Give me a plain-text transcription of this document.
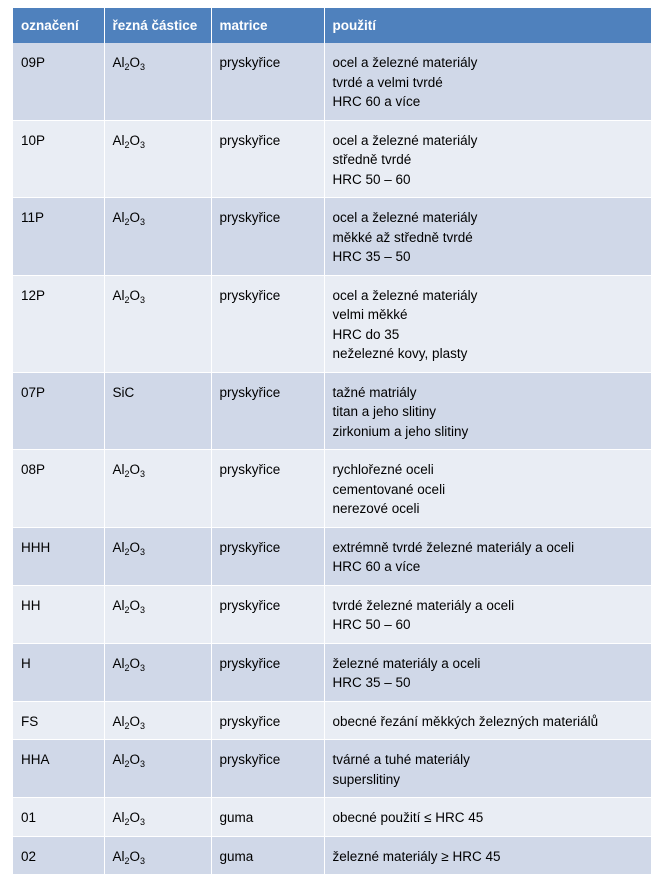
označení	řezná částice	matrice	použití
09P	$Al_2O_3$	pryskyřice	ocel a železné materiály
tvrdé a velmi tvrdé
HRC 60 a více

10P	$Al_2O_3$	pryskyřice	ocel a železné materiály
středně tvrdé
HRC 50 – 60

11P	$Al_2O_3$	pryskyřice	ocel a železné materiály
měkké až středně tvrdé
HRC 35 – 50

12P	$Al_2O_3$	pryskyřice	ocel a železné materiály
velmi měkké
HRC do 35
neželezné kovy, plasty

07P	SiC	pryskyřice	tažné matriály
titan a jeho slitiny
zirkonium a jeho slitiny

08P	$Al_2O_3$	pryskyřice	rychlořezné oceli
cementované oceli
nerezové oceli

HHH	$Al_2O_3$	pryskyřice	extrémně tvrdé železné materiály a oceli
HRC 60 a více

HH	$Al_2O_3$	pryskyřice	tvrdé železné materiály a oceli
HRC 50 – 60

H	$Al_2O_3$	pryskyřice	železné materiály a oceli
HRC 35 – 50

FS	$Al_2O_3$	pryskyřice	obecné řezání měkkých železných materiálů

HHA	$Al_2O_3$	pryskyřice	tvárné a tuhé materiály
superslitiny

01	$Al_2O_3$	guma	obecné použití ≤ HRC 45

02	$Al_2O_3$	guma	železné materiály ≥ HRC 45
